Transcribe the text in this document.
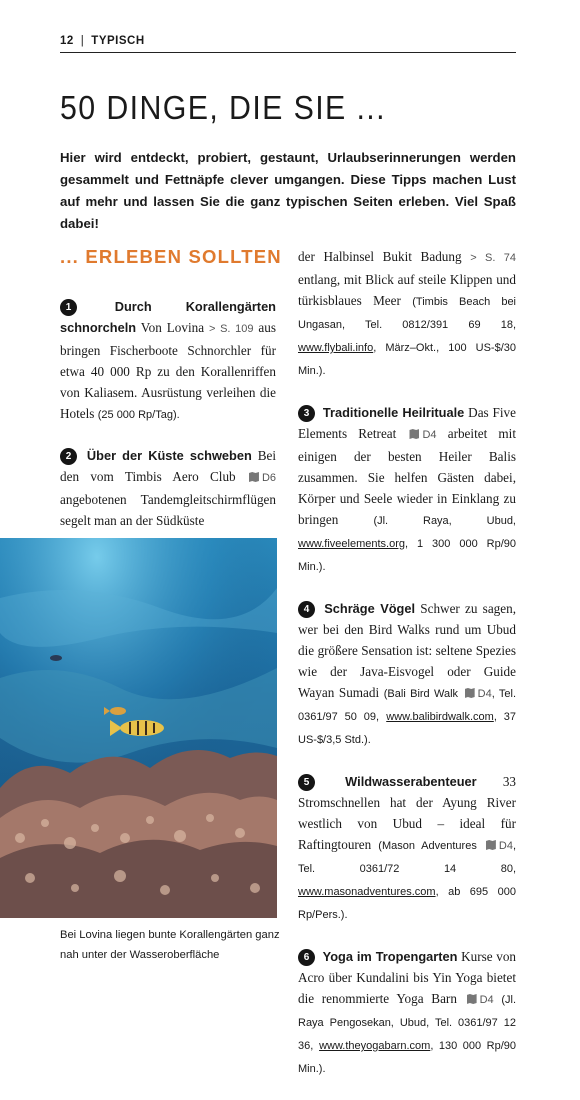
12 | TYPISCH
50 DINGE, DIE SIE ...

Hier wird entdeckt, probiert, gestaunt, Urlaubserinnerungen werden gesammelt und Fettnäpfe clever umgangen. Diese Tipps machen Lust auf mehr und lassen Sie die ganz typischen Seiten erleben. Viel Spaß dabei!

... ERLEBEN SOLLTEN

1	Durch Korallengärten schnorcheln Von Lovina > S. 109 aus bringen Fischerboote Schnorchler für etwa 40 000 Rp zu den Korallenriffen von Kaliasem. Ausrüstung verleihen die Hotels (25 000 Rp/Tag).

2 Über der Küste schweben Bei den vom Timbis Aero Club D6 angebotenen Tandemgleitschirmflügen segelt man an der Südküste

Bei Lovina liegen bunte Korallengärten ganz nah unter der Wasseroberfläche

der Halbinsel Bukit Badung > S. 74 entlang, mit Blick auf steile Klippen und türkisblaues Meer (Timbis Beach bei Ungasan, Tel. 0812/391 69 18, www.flybali.info, März–Okt., 100 US-$/30 Min.).

3 Traditionelle Heilrituale Das Five Elements Retreat D4 arbeitet mit einigen der besten Heiler Balis zusammen. Sie helfen Gästen dabei, Körper und Seele wieder in Einklang zu bringen	(Jl. Raya, Ubud, www.fiveelements.org, 1 300 000 Rp/90 Min.).

4 Schräge Vögel Schwer zu sagen, wer bei den Bird Walks rund um Ubud die größere Sensation ist: seltene Spezies wie der Java-Eisvogel oder Guide Wayan Sumadi (Bali Bird Walk D4, Tel. 0361/97 50 09, www.balibirdwalk.com, 37 US-$/3,5 Std.).

5	Wildwasserabenteuer 33 Stromschnellen hat der Ayung River westlich von Ubud – ideal für Raftingtouren (Mason Adventures D4, Tel. 0361/72 14 80, www.masonadventures.com, ab 695 000 Rp/Pers.).

6 Yoga im Tropengarten Kurse von Acro über Kundalini bis Yin Yoga bietet die renommierte Yoga Barn D4 (Jl. Raya Pengosekan, Ubud, Tel. 0361/97 12 36, www.theyogabarn.com, 130 000 Rp/90 Min.).
